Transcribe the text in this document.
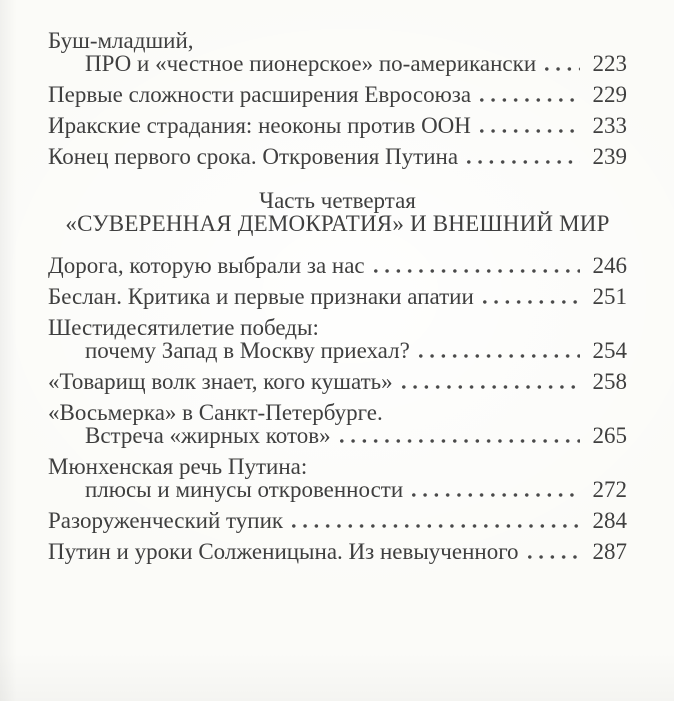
Буш-младший,
ПРО и «честное пионерское» по-американски 223
Первые сложности расширения Евросоюза	229
Иракские страдания: неоконы против ООН	233
Конец первого срока. Откровения Путина	239
Часть четвертая
«СУВЕРЕННАЯ ДЕМОКРАТИЯ» И ВНЕШНИЙ МИР
Дорога, которую выбрали за нас	246
Беслан. Критика и первые признаки апатии	251
Шестидесятилетие победы:
почему Запад в Москву приехал?	254
«Товарищ волк знает, кого кушать»	258
«Восьмерка» в Санкт-Петербурге.
Встреча «жирных котов»	265
Мюнхенская речь Путина:
плюсы и минусы откровенности	272
Разоруженческий тупик	284
Путин и уроки Солженицына. Из невыученного	287
